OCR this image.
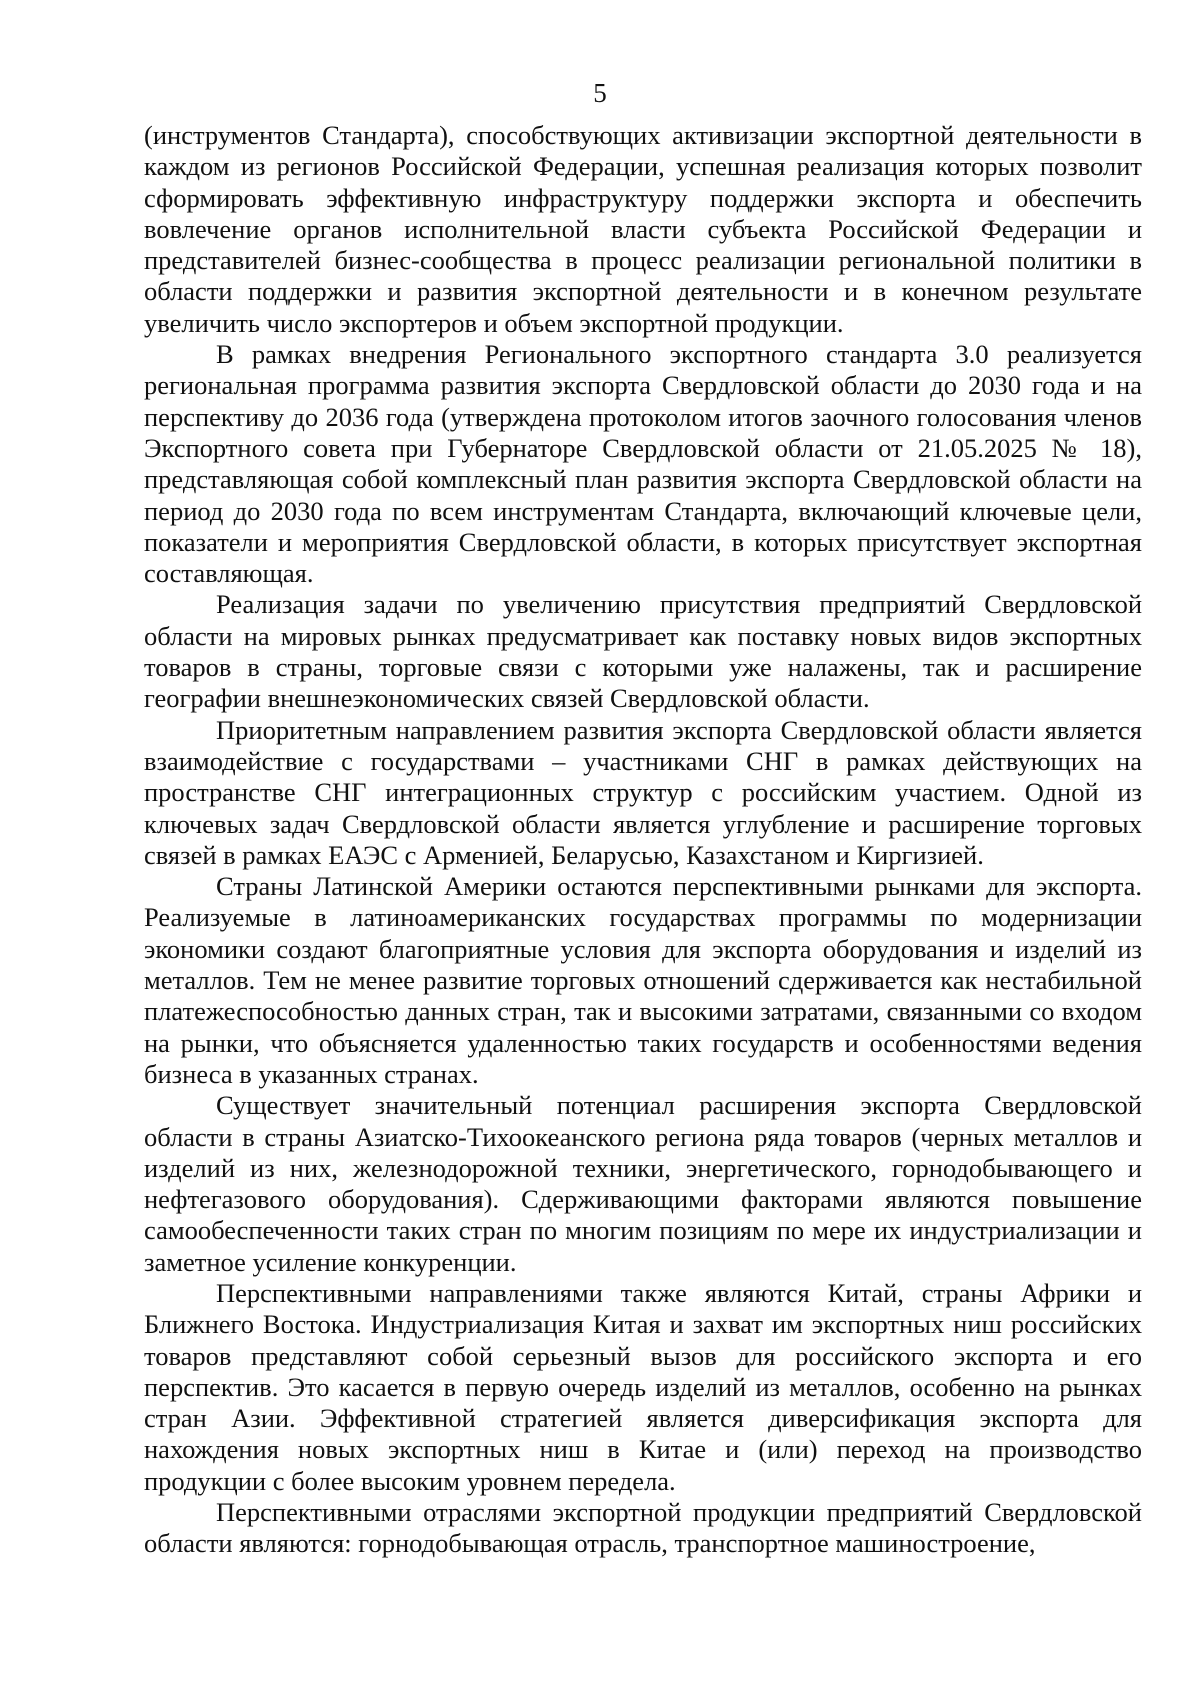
5

(инструментов Стандарта), способствующих активизации экспортной деятельности в каждом из регионов Российской Федерации, успешная реализация которых позволит сформировать эффективную инфраструктуру поддержки экспорта и обеспечить вовлечение органов исполнительной власти субъекта Российской Федерации и представителей бизнес-сообщества в процесс реализации региональной политики в области поддержки и развития экспортной деятельности и в конечном результате увеличить число экспортеров и объем экспортной продукции.

В рамках внедрения Регионального экспортного стандарта 3.0 реализуется региональная программа развития экспорта Свердловской области до 2030 года и на перспективу до 2036 года (утверждена протоколом итогов заочного голосования членов Экспортного совета при Губернаторе Свердловской области от 21.05.2025 № 18), представляющая собой комплексный план развития экспорта Свердловской области на период до 2030 года по всем инструментам Стандарта, включающий ключевые цели, показатели и мероприятия Свердловской области, в которых присутствует экспортная составляющая.

Реализация задачи по увеличению присутствия предприятий Свердловской области на мировых рынках предусматривает как поставку новых видов экспортных товаров в страны, торговые связи с которыми уже налажены, так и расширение географии внешнеэкономических связей Свердловской области.

Приоритетным направлением развития экспорта Свердловской области является взаимодействие с государствами – участниками СНГ в рамках действующих на пространстве СНГ интеграционных структур с российским участием. Одной из ключевых задач Свердловской области является углубление и расширение торговых связей в рамках ЕАЭС с Арменией, Беларусью, Казахстаном и Киргизией.

Страны Латинской Америки остаются перспективными рынками для экспорта. Реализуемые в латиноамериканских государствах программы по модернизации экономики создают благоприятные условия для экспорта оборудования и изделий из металлов. Тем не менее развитие торговых отношений сдерживается как нестабильной платежеспособностью данных стран, так и высокими затратами, связанными со входом на рынки, что объясняется удаленностью таких государств и особенностями ведения бизнеса в указанных странах.

Существует значительный потенциал расширения экспорта Свердловской области в страны Азиатско-Тихоокеанского региона ряда товаров (черных металлов и изделий из них, железнодорожной техники, энергетического, горнодобывающего и нефтегазового оборудования). Сдерживающими факторами являются повышение самообеспеченности таких стран по многим позициям по мере их индустриализации и заметное усиление конкуренции.

Перспективными направлениями также являются Китай, страны Африки и Ближнего Востока. Индустриализация Китая и захват им экспортных ниш российских товаров представляют собой серьезный вызов для российского экспорта и его перспектив. Это касается в первую очередь изделий из металлов, особенно на рынках стран Азии. Эффективной стратегией является диверсификация экспорта для нахождения новых экспортных ниш в Китае и (или) переход на производство продукции с более высоким уровнем передела.

Перспективными отраслями экспортной продукции предприятий Свердловской области являются: горнодобывающая отрасль, транспортное машиностроение,
